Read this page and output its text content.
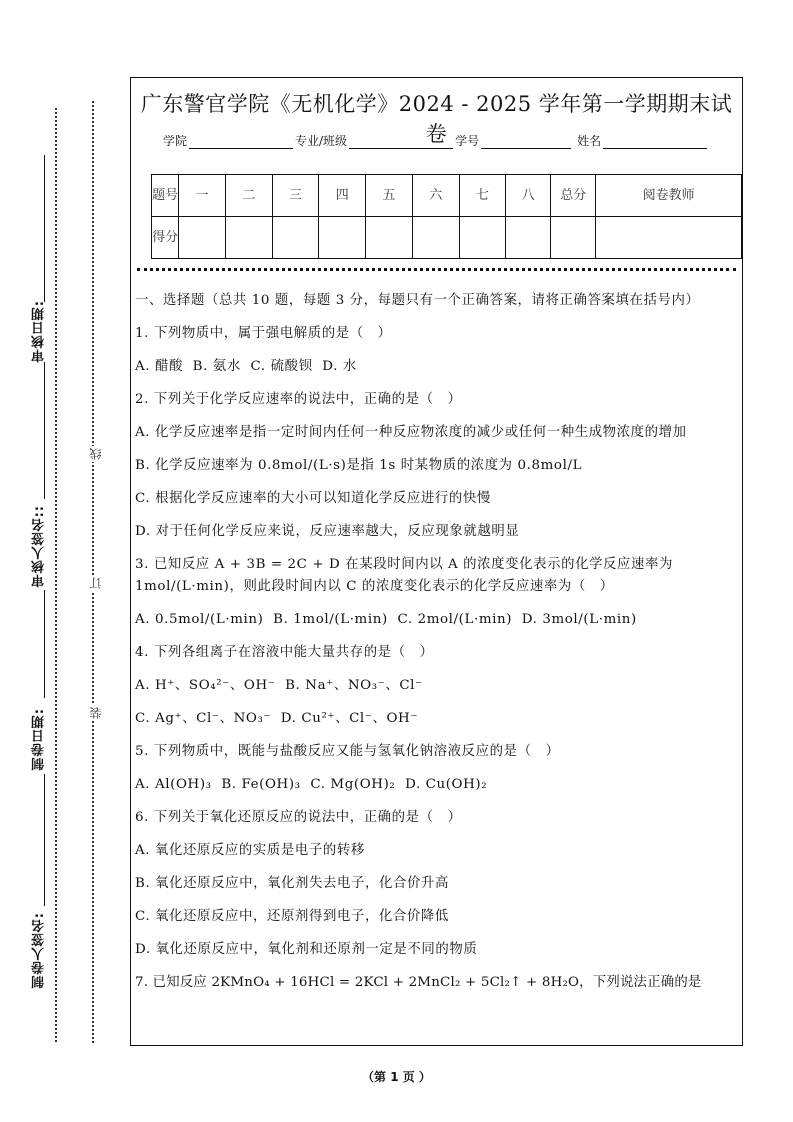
审核日期:
审核人签名::
制卷日期:
制卷人签名:
线
订
装
广东警官学院《无机化学》2024 - 2025 学年第一学期期末试卷
学院	专业/班级	学号	姓名
题号	一	二	三	四	五	六	七	八	总分	阅卷教师
得分										

一、选择题（总共 10 题，每题 3 分，每题只有一个正确答案，请将正确答案填在括号内）

1. 下列物质中，属于强电解质的是（　）

A. 醋酸  B. 氨水  C. 硫酸钡  D. 水

2. 下列关于化学反应速率的说法中，正确的是（　）

A. 化学反应速率是指一定时间内任何一种反应物浓度的减少或任何一种生成物浓度的增加

B. 化学反应速率为 0.8mol/(L·s)是指 1s 时某物质的浓度为 0.8mol/L

C. 根据化学反应速率的大小可以知道化学反应进行的快慢

D. 对于任何化学反应来说，反应速率越大，反应现象就越明显

3. 已知反应 A + 3B = 2C + D 在某段时间内以 A 的浓度变化表示的化学反应速率为 1mol/(L·min)，则此段时间内以 C 的浓度变化表示的化学反应速率为（　）

A. 0.5mol/(L·min)  B. 1mol/(L·min)  C. 2mol/(L·min)  D. 3mol/(L·min)

4. 下列各组离子在溶液中能大量共存的是（　）

A. H⁺、SO₄²⁻、OH⁻  B. Na⁺、NO₃⁻、Cl⁻

C. Ag⁺、Cl⁻、NO₃⁻  D. Cu²⁺、Cl⁻、OH⁻

5. 下列物质中，既能与盐酸反应又能与氢氧化钠溶液反应的是（　）

A. Al(OH)₃  B. Fe(OH)₃  C. Mg(OH)₂  D. Cu(OH)₂

6. 下列关于氧化还原反应的说法中，正确的是（　）

A. 氧化还原反应的实质是电子的转移

B. 氧化还原反应中，氧化剂失去电子，化合价升高

C. 氧化还原反应中，还原剂得到电子，化合价降低

D. 氧化还原反应中，氧化剂和还原剂一定是不同的物质

7. 已知反应 2KMnO₄ + 16HCl = 2KCl + 2MnCl₂ + 5Cl₂↑ + 8H₂O，下列说法正确的是

（第 1 页 ）
